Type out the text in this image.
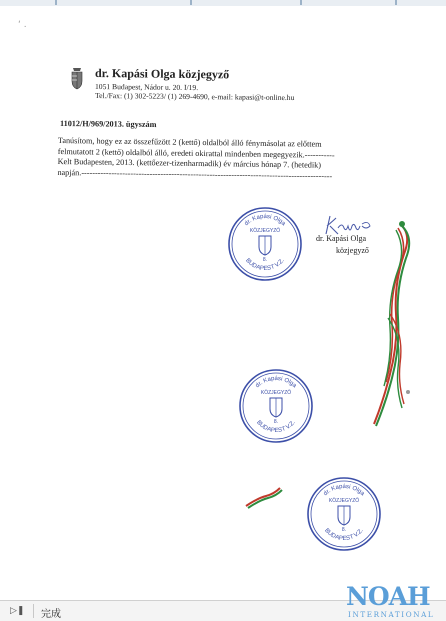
‘ .
dr. Kapási Olga közjegyző
1051 Budapest, Nádor u. 20. I/19.
Tel./Fax: (1) 302-5223/ (1) 269-4690, e-mail: kapasi@t-online.hu
11012/H/969/2013. ügyszám
Tanúsítom, hogy ez az összefűzött 2 (kettő) oldalból álló fénymásolat az előttem
felmutatott 2 (kettő) oldalból álló, eredeti okirattal mindenben megegyezik.-----------
Kelt Budapesten, 2013. (kettőezer-tizenharmadik) év március hónap 7. (hetedik)
napján.--------------------------------------------------------------------------------------------
dr. Kapási Olga
közjegyző
dr. Kapási Olga
KÖZJEGYZŐ
8.
BUDAPEST V.Z.
dr. Kapási Olga
KÖZJEGYZŐ
8.
BUDAPEST V.Z.
dr. Kapási Olga
KÖZJEGYZŐ
8.
BUDAPEST V.Z.
▷❚ 完成
NOAH
INTERNATIONAL
